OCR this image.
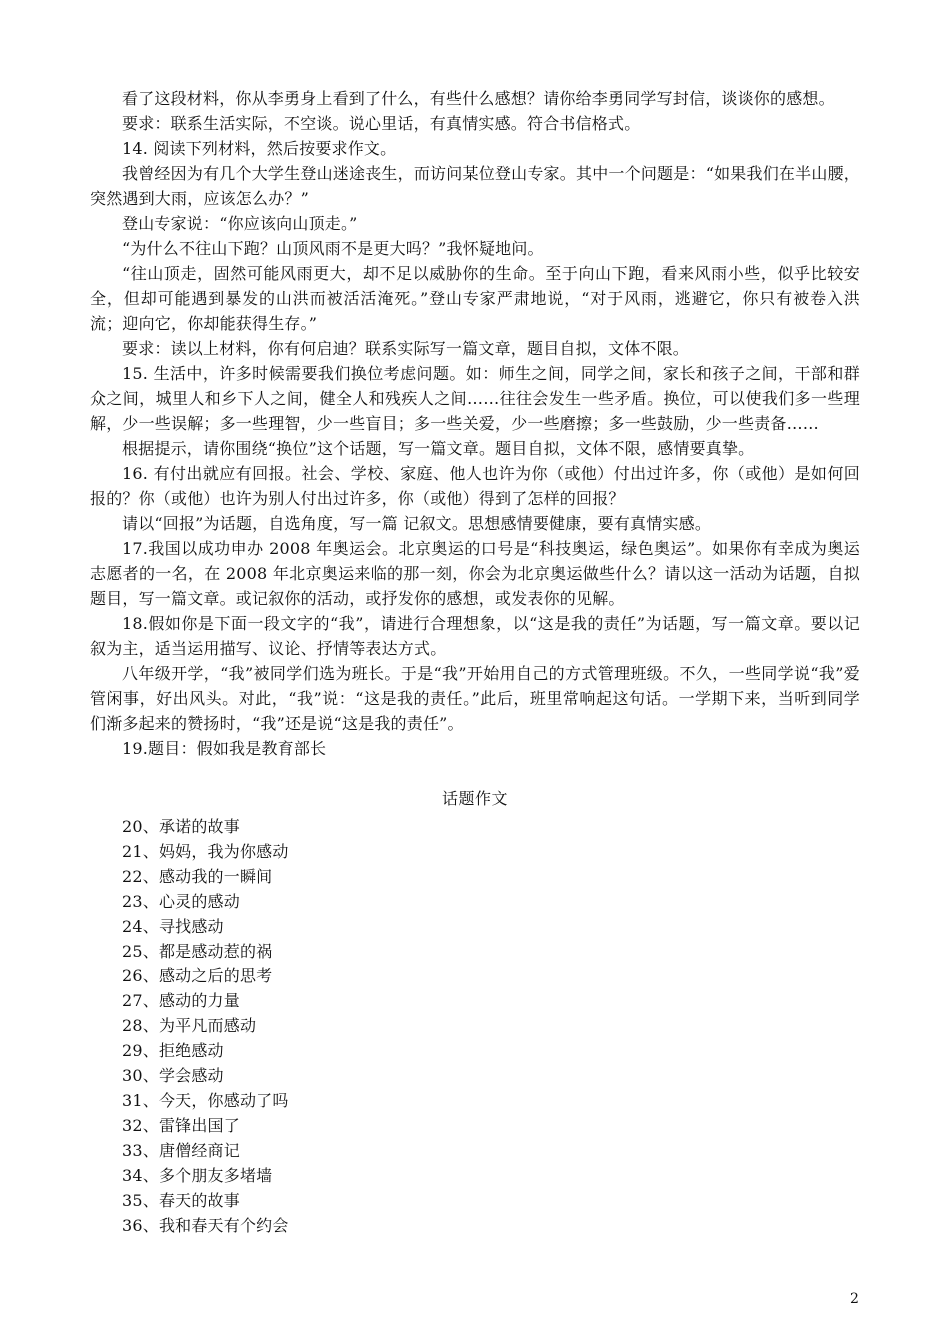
看了这段材料，你从李勇身上看到了什么，有些什么感想？请你给李勇同学写封信，谈谈你的感想。

要求：联系生活实际，不空谈。说心里话，有真情实感。符合书信格式。

14. 阅读下列材料，然后按要求作文。

我曾经因为有几个大学生登山迷途丧生，而访问某位登山专家。其中一个问题是：“如果我们在半山腰，突然遇到大雨，应该怎么办？”

登山专家说：“你应该向山顶走。”

“为什么不往山下跑？山顶风雨不是更大吗？”我怀疑地问。

“往山顶走，固然可能风雨更大，却不足以威胁你的生命。至于向山下跑，看来风雨小些，似乎比较安全，但却可能遇到暴发的山洪而被活活淹死。”登山专家严肃地说，“对于风雨，逃避它，你只有被卷入洪流；迎向它，你却能获得生存。”

要求：读以上材料，你有何启迪？联系实际写一篇文章，题目自拟，文体不限。

15. 生活中，许多时候需要我们换位考虑问题。如：师生之间，同学之间，家长和孩子之间，干部和群众之间，城里人和乡下人之间，健全人和残疾人之间……往往会发生一些矛盾。换位，可以使我们多一些理解，少一些误解；多一些理智，少一些盲目；多一些关爱，少一些磨擦；多一些鼓励，少一些责备……

根据提示，请你围绕“换位”这个话题，写一篇文章。题目自拟，文体不限，感情要真挚。

16. 有付出就应有回报。社会、学校、家庭、他人也许为你（或他）付出过许多，你（或他）是如何回报的？你（或他）也许为别人付出过许多，你（或他）得到了怎样的回报？

请以“回报”为话题，自选角度，写一篇 记叙文。思想感情要健康，要有真情实感。

17.我国以成功申办 2008 年奥运会。北京奥运的口号是“科技奥运，绿色奥运”。如果你有幸成为奥运志愿者的一名，在 2008 年北京奥运来临的那一刻，你会为北京奥运做些什么？请以这一活动为话题，自拟题目，写一篇文章。或记叙你的活动，或抒发你的感想，或发表你的见解。

18.假如你是下面一段文字的“我”，请进行合理想象，以“这是我的责任”为话题，写一篇文章。要以记叙为主，适当运用描写、议论、抒情等表达方式。

八年级开学，“我”被同学们选为班长。于是“我”开始用自己的方式管理班级。不久，一些同学说“我”爱管闲事，好出风头。对此，“我”说：“这是我的责任。”此后，班里常响起这句话。一学期下来，当听到同学们渐多起来的赞扬时，“我”还是说“这是我的责任”。

19.题目：假如我是教育部长

话题作文

20、承诺的故事
21、妈妈，我为你感动
22、感动我的一瞬间
23、心灵的感动
24、寻找感动
25、都是感动惹的祸
26、感动之后的思考
27、感动的力量
28、为平凡而感动
29、拒绝感动
30、学会感动
31、今天，你感动了吗
32、雷锋出国了
33、唐僧经商记
34、多个朋友多堵墙
35、春天的故事
36、我和春天有个约会
2
